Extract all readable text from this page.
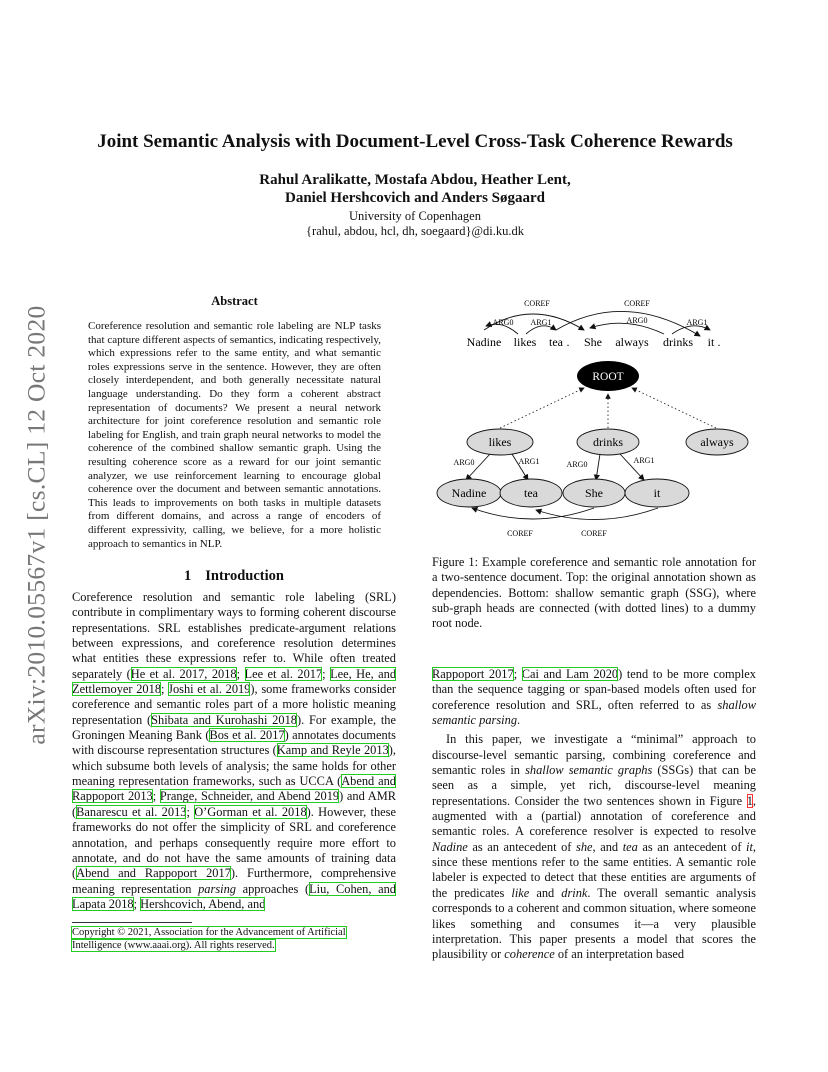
arXiv:2010.05567v1 [cs.CL] 12 Oct 2020
Joint Semantic Analysis with Document-Level Cross-Task Coherence Rewards
Rahul Aralikatte, Mostafa Abdou, Heather Lent,
Daniel Hershcovich and Anders Søgaard
University of Copenhagen
{rahul, abdou, hcl, dh, soegaard}@di.ku.dk
Abstract
Coreference resolution and semantic role labeling are NLP tasks that capture different aspects of semantics, indicating respectively, which expressions refer to the same entity, and what semantic roles expressions serve in the sentence. However, they are often closely interdependent, and both generally necessitate natural language understanding. Do they form a coherent abstract representation of documents? We present a neural network architecture for joint coreference resolution and semantic role labeling for English, and train graph neural networks to model the coherence of the combined shallow semantic graph. Using the resulting coherence score as a reward for our joint semantic analyzer, we use reinforcement learning to encourage global coherence over the document and between semantic annotations. This leads to improvements on both tasks in multiple datasets from different domains, and across a range of encoders of different expressivity, calling, we believe, for a more holistic approach to semantics in NLP.
1 Introduction
Coreference resolution and semantic role labeling (SRL) contribute in complimentary ways to forming coherent discourse representations. SRL establishes predicate-argument relations between expressions, and coreference resolution determines what entities these expressions refer to. While often treated separately (He et al. 2017, 2018; Lee et al. 2017; Lee, He, and Zettlemoyer 2018; Joshi et al. 2019), some frameworks consider coreference and semantic roles part of a more holistic meaning representation (Shibata and Kurohashi 2018). For example, the Groningen Meaning Bank (Bos et al. 2017) annotates documents with discourse representation structures (Kamp and Reyle 2013), which subsume both levels of analysis; the same holds for other meaning representation frameworks, such as UCCA (Abend and Rappoport 2013; Prange, Schneider, and Abend 2019) and AMR (Banarescu et al. 2013; O’Gorman et al. 2018). However, these frameworks do not offer the simplicity of SRL and coreference annotation, and perhaps consequently require more effort to annotate, and do not have the same amounts of training data (Abend and Rappoport 2017). Furthermore, comprehensive meaning representation parsing approaches (Liu, Cohen, and Lapata 2018; Hershcovich, Abend, and
Copyright © 2021, Association for the Advancement of Artificial
Intelligence (www.aaai.org). All rights reserved.
COREF	COREF
ARG0 ARG1	ARG0	ARG1
Nadine likes tea . She always drinks it .
ARG0	ARG1	ARG0	ARG1
COREF	COREF
ROOT
likes	drinks	always
Nadine	tea	She	it
Figure 1: Example coreference and semantic role annotation for a two-sentence document. Top: the original annotation shown as dependencies. Bottom: shallow semantic graph (SSG), where sub-graph heads are connected (with dotted lines) to a dummy root node.

Rappoport 2017; Cai and Lam 2020) tend to be more complex than the sequence tagging or span-based models often used for coreference resolution and SRL, often referred to as shallow semantic parsing.

In this paper, we investigate a “minimal” approach to discourse-level semantic parsing, combining coreference and semantic roles in shallow semantic graphs (SSGs) that can be seen as a simple, yet rich, discourse-level meaning representations. Consider the two sentences shown in Figure 1, augmented with a (partial) annotation of coreference and semantic roles. A coreference resolver is expected to resolve Nadine as an antecedent of she, and tea as an antecedent of it, since these mentions refer to the same entities. A semantic role labeler is expected to detect that these entities are arguments of the predicates like and drink. The overall semantic analysis corresponds to a coherent and common situation, where someone likes something and consumes it—a very plausible interpretation. This paper presents a model that scores the plausibility or coherence of an interpretation based
